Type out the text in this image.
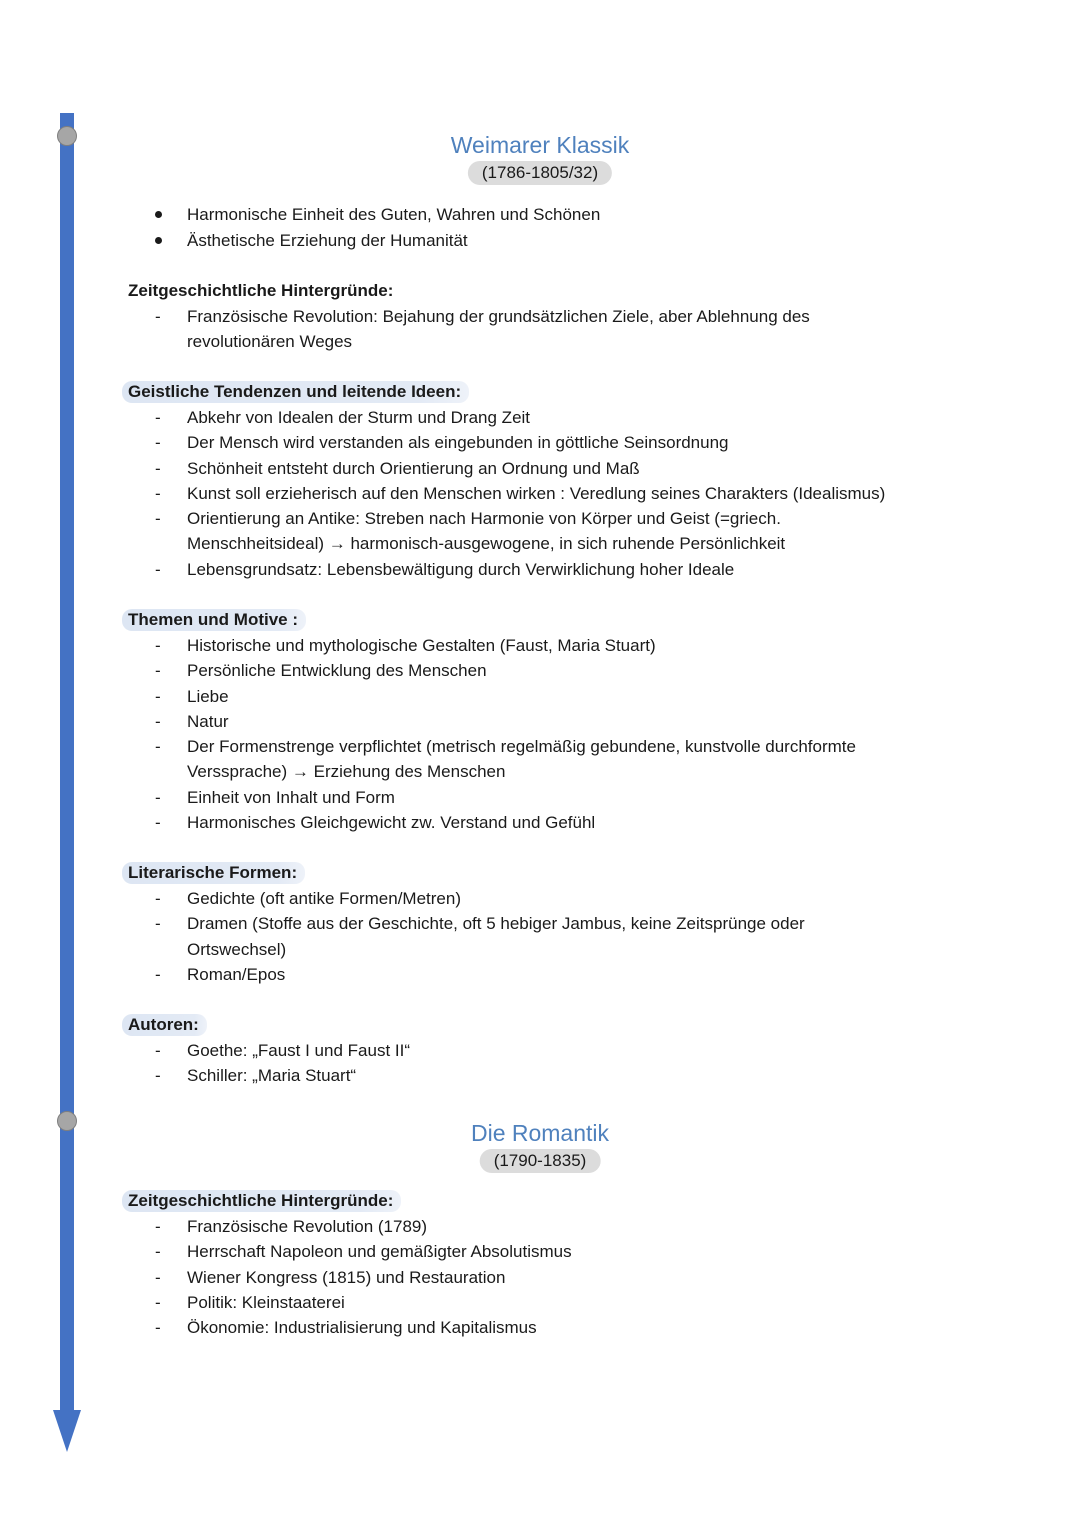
Weimarer Klassik
(1786-1805/32)
Harmonische Einheit des Guten, Wahren und Schönen
Ästhetische Erziehung der Humanität
Zeitgeschichtliche Hintergründe:
- Französische Revolution: Bejahung der grundsätzlichen Ziele, aber Ablehnung des revolutionären Weges
Geistliche Tendenzen und leitende Ideen:
- Abkehr von Idealen der Sturm und Drang Zeit
- Der Mensch wird verstanden als eingebunden in göttliche Seinsordnung
- Schönheit entsteht durch Orientierung an Ordnung und Maß
- Kunst soll erzieherisch auf den Menschen wirken : Veredlung seines Charakters (Idealismus)
- Orientierung an Antike: Streben nach Harmonie von Körper und Geist (=griech. Menschheitsideal) → harmonisch-ausgewogene, in sich ruhende Persönlichkeit
- Lebensgrundsatz: Lebensbewältigung durch Verwirklichung hoher Ideale
Themen und Motive :
- Historische und mythologische Gestalten (Faust, Maria Stuart)
- Persönliche Entwicklung des Menschen
- Liebe
- Natur
- Der Formenstrenge verpflichtet (metrisch regelmäßig gebundene, kunstvolle durchformte Verssprache) → Erziehung des Menschen
- Einheit von Inhalt und Form
- Harmonisches Gleichgewicht zw. Verstand und Gefühl
Literarische Formen:
- Gedichte (oft antike Formen/Metren)
- Dramen (Stoffe aus der Geschichte, oft 5 hebiger Jambus, keine Zeitsprünge oder Ortswechsel)
- Roman/Epos
Autoren:
- Goethe: „Faust I und Faust II“
- Schiller: „Maria Stuart“
Die Romantik
(1790-1835)
Zeitgeschichtliche Hintergründe:
- Französische Revolution (1789)
- Herrschaft Napoleon und gemäßigter Absolutismus
- Wiener Kongress (1815) und Restauration
- Politik: Kleinstaaterei
- Ökonomie: Industrialisierung und Kapitalismus
